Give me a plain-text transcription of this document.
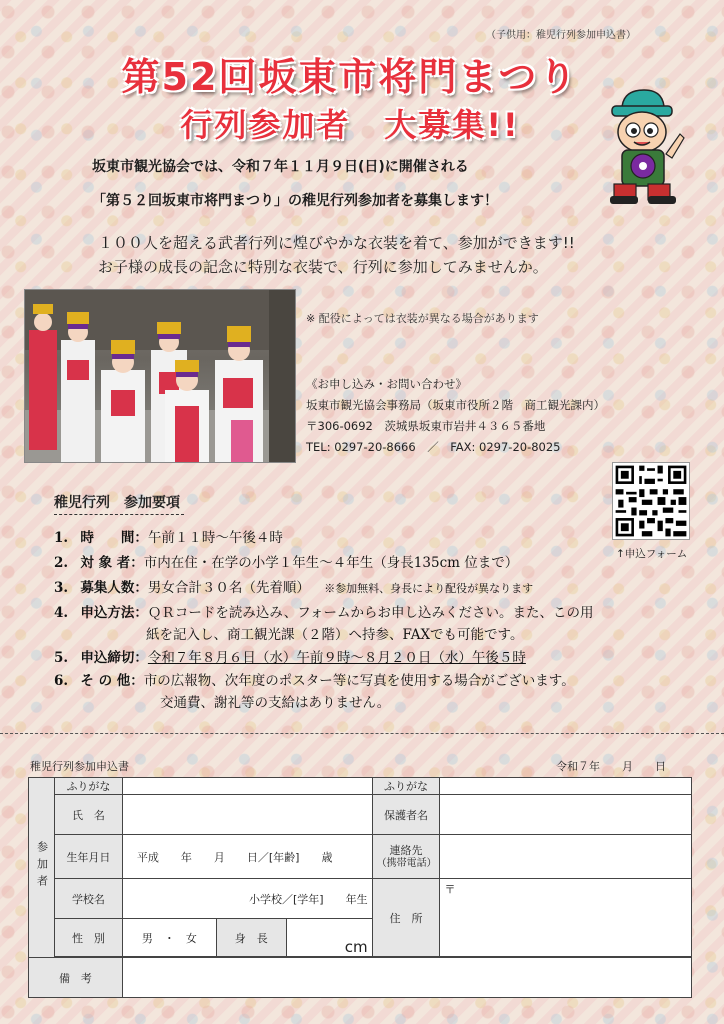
（子供用：稚児行列参加申込書）
第52回坂東市将門まつり
行列参加者　大募集!!
坂東市観光協会では、令和７年１１月９日(日)に開催される
「第５２回坂東市将門まつり」の稚児行列参加者を募集します！
１００人を超える武者行列に煌びやかな衣装を着て、参加ができます!!
お子様の成長の記念に特別な衣装で、行列に参加してみませんか。
※ 配役によっては衣装が異なる場合があります
《お申し込み・お問い合わせ》
坂東市観光協会事務局（坂東市役所２階　商工観光課内）
〒306-0692　茨城県坂東市岩井４３６５番地
TEL: 0297-20-8666　／　FAX: 0297-20-8025
↑申込フォーム
稚児行列　参加要項
1. 時　　間：午前１１時～午後４時
2. 対 象 者：市内在住・在学の小学１年生～４年生（身長135cm 位まで）
3. 募集人数：男女合計３０名（先着順） ※参加無料、身長により配役が異なります
4. 申込方法：ＱＲコードを読み込み、フォームからお申し込みください。また、この用
紙を記入し、商工観光課（２階）へ持参、FAXでも可能です。
5. 申込締切：令和７年８月６日（水）午前９時～８月２０日（水）午後５時
6. そ の 他：市の広報物、次年度のポスター等に写真を使用する場合がございます。
交通費、謝礼等の支給はありません。
稚児行列参加申込書	令和７年　　月　　日
参加者	ふりがな				ふりがな	
	氏　名				保護者名	
	生年月日	平成　　年　　月　　日／[年齢]　　歳			連絡先
（携帯電話）	

	学校名	小学校／[学年]　　年生			住　所	〒
	性　別	男　・　女	身　長	cm		

備　考						
